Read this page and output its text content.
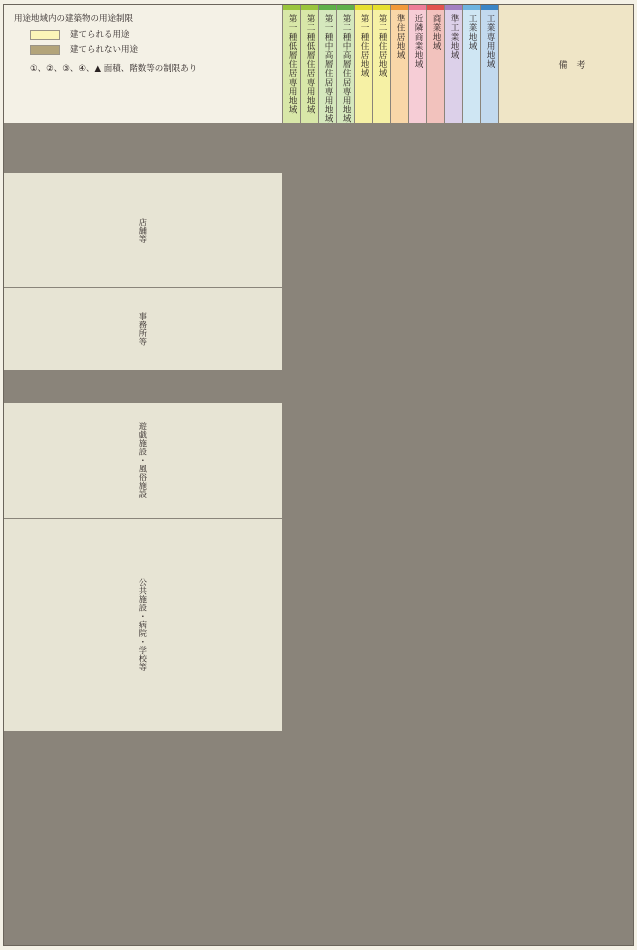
用途地域内の建築物の用途制限
建てられる用途
建てられない用途
①、②、③、④、▲ 面積、階数等の制限あり	第一種低層住居専用地域 第二種低層住居専用地域 第一種中高層住居専用地域 第二種中高層住居専用地域 第一種住居地域 第二種住居地域 準住居地域 近隣商業地域 商業地域 準工業地域 工業地域 工業専用地域	備　考
店舗等
事務所等
遊戯施設・風俗施設
公共施設・病院・学校等
